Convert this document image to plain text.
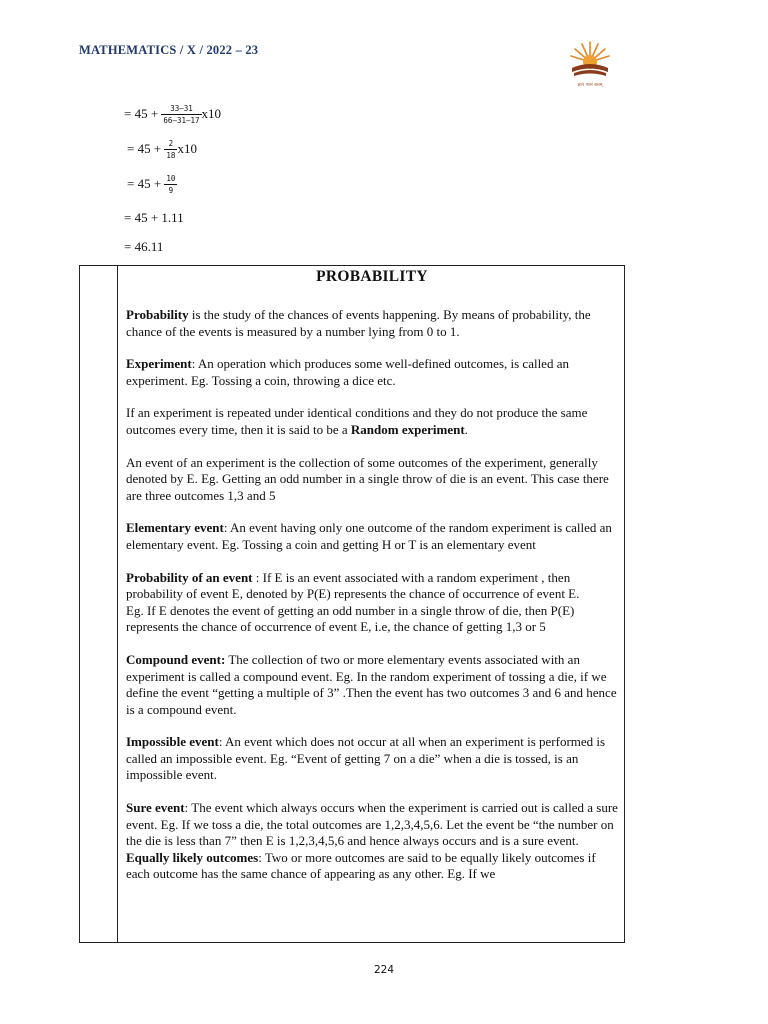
MATHEMATICS / X / 2022 – 23
ज्ञानं परमं बलम्
= $45 + \frac{33-31}{66-31-17} x10$
= $45 + \frac{2}{18} x10$
= $45 + \frac{10}{9}$
= 45 + 1.11
= 46.11
PROBABILITY

Probability is the study of the chances of events happening. By means of probability, the chance of the events is measured by a number lying from 0 to 1.

Experiment: An operation which produces some well-defined outcomes, is called an experiment. Eg. Tossing a coin, throwing a dice etc.

If an experiment is repeated under identical conditions and they do not produce the same outcomes every time, then it is said to be a Random experiment.

An event of an experiment is the collection of some outcomes of the experiment, generally denoted by E. Eg. Getting an odd number in a single throw of die is an event. This case there are three outcomes 1,3 and 5

Elementary event: An event having only one outcome of the random experiment is called an elementary event. Eg. Tossing a coin and getting H or T is an elementary event

Probability of an event : If E is an event associated with a random experiment , then probability of event E, denoted by P(E) represents the chance of occurrence of event E.
Eg. If E denotes the event of getting an odd number in a single throw of die, then P(E) represents the chance of occurrence of event E, i.e, the chance of getting 1,3 or 5

Compound event: The collection of two or more elementary events associated with an experiment is called a compound event. Eg. In the random experiment of tossing a die, if we define the event “getting a multiple of 3” .Then the event has two outcomes 3 and 6 and hence is a compound event.

Impossible event: An event which does not occur at all when an experiment is performed is called an impossible event. Eg. “Event of getting 7 on a die” when a die is tossed, is an impossible event.

Sure event: The event which always occurs when the experiment is carried out is called a sure event. Eg. If we toss a die, the total outcomes are 1,2,3,4,5,6. Let the event be “the number on the die is less than 7” then E is 1,2,3,4,5,6 and hence always occurs and is a sure event.

Equally likely outcomes: Two or more outcomes are said to be equally likely outcomes if each outcome has the same chance of appearing as any other. Eg. If we

224
